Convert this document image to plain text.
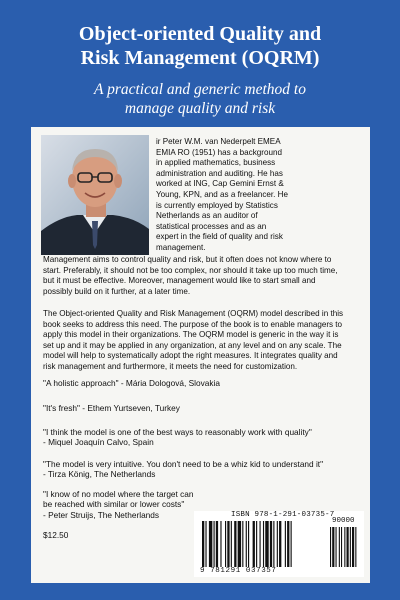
Object-oriented Quality and
Risk Management (OQRM)
A practical and generic method to
manage quality and risk

ir Peter W.M. van Nederpelt EMEA
EMIA RO (1951) has a background
in applied mathematics, business
administration and auditing. He has
worked at ING, Cap Gemini Ernst &
Young, KPN, and as a freelancer. He
is currently employed by Statistics
Netherlands as an auditor of
statistical processes and as an
expert in the field of quality and risk
management.

Management aims to control quality and risk, but it often does not know where to
start. Preferably, it should not be too complex, nor should it take up too much time,
but it must be effective. Moreover, management would like to start small and
possibly build on it further, at a later time.

The Object-oriented Quality and Risk Management (OQRM) model described in this
book seeks to address this need. The purpose of the book is to enable managers to
apply this model in their organizations. The OQRM model is generic in the way it is
set up and it may be applied in any organization, at any level and on any scale. The
model will help to systematically adopt the right measures. It integrates quality and
risk management and furthermore, it meets the need for customization.

"A holistic approach" - Mária Dologová, Slovakia

"It's fresh" - Ethem Yurtseven, Turkey

"I think the model is one of the best ways to reasonably work with quality"
- Miquel Joaquín Calvo, Spain

"The model is very intuitive. You don't need to be a whiz kid to understand it"
- Tirza König, The Netherlands

"I know of no model where the target can
be reached with similar or lower costs"
- Peter Struijs, The Netherlands

$12.50

ISBN 978-1-291-03735-7
90000
9 781291 037357
